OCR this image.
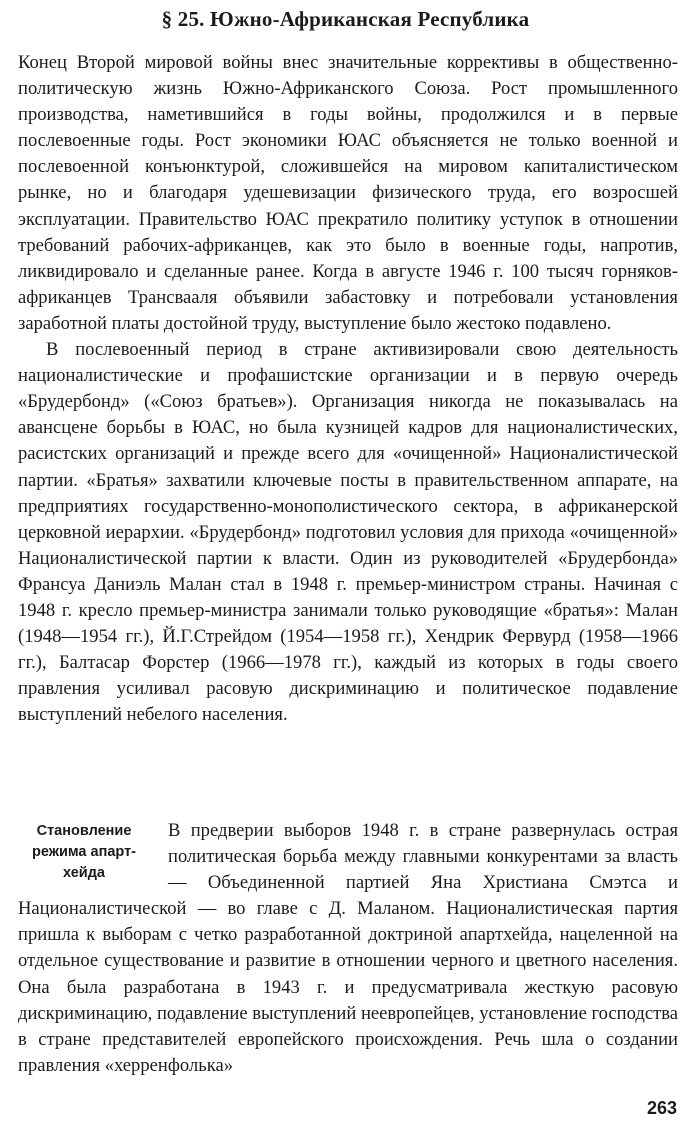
§ 25. Южно-Африканская Республика

Конец Второй мировой войны внес значительные коррективы в общественно-политическую жизнь Южно-Африканского Союза. Рост промышленного производства, наметившийся в годы войны, продолжился и в первые послевоенные годы. Рост экономики ЮАС объясняется не только военной и послевоенной конъюнктурой, сложившейся на мировом капиталистическом рынке, но и благодаря удешевизации физического труда, его возросшей эксплуатации. Правительство ЮАС прекратило политику уступок в отношении требований рабочих-африканцев, как это было в военные годы, напротив, ликвидировало и сделанные ранее. Когда в августе 1946 г. 100 тысяч горняков-африканцев Трансвааля объявили забастовку и потребовали установления заработной платы достойной труду, выступление было жестоко подавлено.

В послевоенный период в стране активизировали свою деятельность националистические и профашистские организации и в первую очередь «Брудербонд» («Союз братьев»). Организация никогда не показывалась на авансцене борьбы в ЮАС, но была кузницей кадров для националистических, расистских организаций и прежде всего для «очищенной» Националистической партии. «Братья» захватили ключевые посты в правительственном аппарате, на предприятиях государственно-монополистического сектора, в африканерской церковной иерархии. «Брудербонд» подготовил условия для прихода «очищенной» Националистической партии к власти. Один из руководителей «Брудербонда» Франсуа Даниэль Малан стал в 1948 г. премьер-министром страны. Начиная с 1948 г. кресло премьер-министра занимали только руководящие «братья»: Малан (1948—1954 гг.), Й.Г.Стрейдом (1954—1958 гг.), Хендрик Фервурд (1958—1966 гг.), Балтасар Форстер (1966—1978 гг.), каждый из которых в годы своего правления усиливал расовую дискриминацию и политическое подавление выступлений небелого населения.

Становление режима апарт-хейда

В предверии выборов 1948 г. в стране развернулась острая политическая борьба между главными конкурентами за власть — Объединенной партией Яна Христиана Смэтса и Националистической — во главе с Д. Маланом. Националистическая партия пришла к выборам с четко разработанной доктриной апартхейда, нацеленной на отдельное существование и развитие в отношении черного и цветного населения. Она была разработана в 1943 г. и предусматривала жесткую расовую дискриминацию, подавление выступлений неевропейцев, установление господства в стране представителей европейского происхождения. Речь шла о создании правления «херренфолька»

263
